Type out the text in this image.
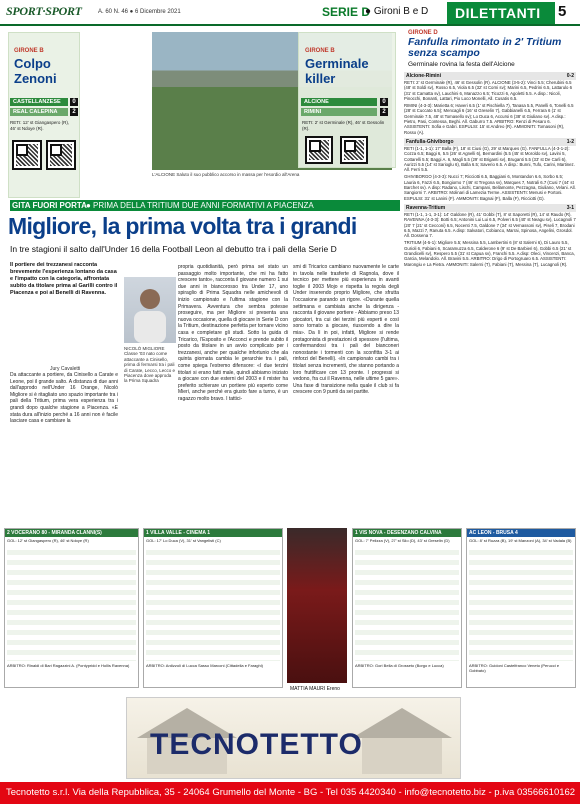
SPORT·SPORT	A. 60 N. 46 ● 6 Dicembre 2021	SERIE D
● Gironi B e D	DILETTANTI	5
GIRONE B
Colpo Zenoni
CASTELLANZESE	0
REAL CALEPINA	2
RETI: 12' st Giangaspero (R), 46' st Ndoye (R).
L'ALCIONE Saluto il suo pubblico accorso in massa per l'esordio all'Arena
GIRONE B
Germinale killer
ALCIONE	0
RIMINI	2
RETI: 2' st Germinale (R), 46' st Gessolin (R).
GIRONE D
Fanfulla rimontato in 2' Tritium senza scampo
Germinale rovina la festa dell'Alcione
Alcione-Rimini	0-2
RETI: 2' st Germinale (R), 46' st Gessolin (R). ALCIONE (3-5-2): Vinci 5.5; Cherubini 6.5 (48' st Soldi sv), Rosso 6.5, Viola 6.5 (32' st Corni sv); Marini 6.5, Pedrini 6.5, Lattarulo 6 (31' st Camatta sv), Lauchini 6, Manazzo 6.5; Ticozzi 6, Agoletti 5.5. A disp.: Nicoli, Pinocchi, Bonanti, Lattari, Pio Loco Monelli, All. Cusatis 6.5.
RIMINI (4-3-3): Marietta 6; Haveri 6.5 (1' st Pischiella 7), Tanasa 5.5, Panelli 6, Tonelli 6.5 (28' st Cuccato 6.5); Mencagli 6 (16' st Greselin 7), Gabbianelli 6.5, Ferrara 6 (1' st Germinale 7.5, 48' st Tomasello sv); Lo Duca 6, Accursi 6 (38' st Giuliano sv). A disp.: Pietro, Pasi, Contessa, Beghi. All. Gaburro 7.5. ARBITRO: Renzi di Pesaro 6. ASSISTENTI: Sofia e Gabri. ESPULSI: 15' st Andreo (R). AMMONITI: Tomasoni (R), Rosso (A).
Fanfulla-Ghiviborgo	1-2
RETI (1-1, 1-1): 17' Balla (F), 18' st Ciusi (G), 29' st Marques (G). FANFULLA (4-3-1-2): Cozza 6.5; Baggi 6, 5.5 (26' st Agnelli 6), Bernardini (5.5 (45' st Moroldo sv), Lavini 5, Cottarelli 5.5; Baggi A. 6, Magli 5.5 (29' st Briganti sv), Bruganti 5.5 (33' st De Carli 6), Aurizzi 5.5 (14' st Sarioglu 6), Balla 6.5; Saverio 6.5. A disp.: Bunni, Tufo, Carini, Martinez. All. Ferri 5.5.
GHIVIBORGO (4-3-3): Nucci 7; Ricciotti 6.5, Baggiani 6, Montandon 6.6, Sorbo 6.5; Lauria 6, Fazzi 6.5, Bongiorno 7 (46' st Tregona sv), Marques 7, Notrali 6.7 (Cusi 7 (44' st Barchet sv). A disp: Radano, Lischi, Campani, Bellamonte, Pezzagna, Giuliano, Velani. All. Sangiorni 7. ARBITRO: Molinari di Lamezia Terme. ASSISTENTI: Menusi e Portoni. ESPULSI: 31' st Lanini (F). AMMONITI: Bagnai (F), Balla (F), Ricciotti (G).
Ravenna-Tritium	3-1
RETI (1-1, 1-1, 3-1): 14' Galdone (R), 41' Gobbi (T), 8' st Saporetti (R), 14' st Raudo (R). RAVENNA (4-3-3): Botti 6.5; Antonini Lui Lui 6.5, Polveri 6.5 (40' st Neagu sv), Lucagnoli 7 (20' 7 (21' st Cecconi) 6.5, Nocenti 7.5, Galdone 7 (34' st Vernassoni sv), Piseli 7, Brodani 6.5, Mazzi 7, Ranuta 6.5. A disp: Salvatori, Cobianco, Marrai, Spinosa, Angelini, Grosdol. All. Dossena 7.
TRITIUM (4-5-1): Migliore 5.5; Messina 5.5, Lambertini 6 (8' st Salerni 6), Di Lauro 5.5, Gurioli 6, Fabiani 6, Scaramuzza 6.5, Calderone 6 (9' st De Barbieri 6), Gobbi 6.5 (21' st Grandicelli sv), Respero 5.5 (31' st Capua sv), Franchi 5.5. A disp: Oleci, Vincenzi, Banca, Garcia, Melandolo. All. Bravini 5.5. ARBITRO: Drigo di Portogruaro 6.5. ASSISTENTI: Marongiu e La Pietra. AMMONITI: Salerni (T), Fabiani (T), Messina (T), Lucagnoli (R).
GITA FUORI PORTA ● PRIMA DELLA TRITIUM DUE ANNI FORMATIVI A PIACENZA
Migliore, la prima volta tra i grandi
In tre stagioni il salto dall'Under 16 della Football Leon al debutto tra i pali della Serie D
Il portiere dei trezzanesi racconta brevemente l'esperienza lontano da casa e l'impatto con la categoria, affrontata subito da titolare prima al Garilli contro il Piacenza e poi al Benelli di Ravenna.
Jury Cavaletti
NICOLÒ MIGLIORE Classe '03 nato come attaccante a Cinisello, prima di fermarsi tra i pali di Carate, Lecco, Lecco e Piacenza dove approda la Prima Squadra
Da attaccante a portiere, da Cinisello a Carate e Leone, poi il grande salto. A distanza di due anni dall'approdo nell'Under 16 Orange, Nicolò Migliore si è ritagliato uno spazio importante tra i pali della Tritium, prima vera esperienza tra i grandi dopo qualche stagione a Piacenza. «E stata dura all'inizio perché a 16 anni non è facile lasciare casa e cambiare la
propria quotidianità, però prima sei stato un passaggio molto importante, che mi ha fatto crescere tanto», racconta il giovane numero 1 sui due anni in biancorosso tra Under 17, uno spiraglio di Prima Squadra nelle amichevoli di inizio campionato e l'ultima stagione con la Primavera. Avventura che sembra potesse proseguire, ma per Migliore si presenta una nuova occasione, quella di giocare in Serie D con la Tritium, destinazione perfetta per tornare vicino casa e completare gli studi. Sotto la guida di Tricarico, l'Esposito e l'Acconci e prende subito il posto da titolare in un avvio complicato per i trezzanesi, anche per qualche infortunio che ala quinta giornata cambia le gerarchie tra i pali, come spiega l'estremo difensore: «I due terzini titolari si erano fatti male, quindi abbiamo iniziato a giocare con due esterni del 2003 e il mister ha preferito schierare un portiere più esperto come Mieri, anche perché era giusto fare a turno, è un ragazzo molto bravo. I tattici-
smi di Tricarico cambiano nuovamente le carte in tavola nelle trasferte di Ragnola, dove il tecnico per mettere più esperienza in avanti toglie il 2003 Mojo e rispetta la regola degli Under inserendo proprio Migliore, che sfrutta l'occasione parando un rigore. «Durante quella settimana e cambiata anche la dirigenza - racconta il giovane portiere - Abbiamo preso 13 giocatori, tra cui dei terzini più esperti e così sono tornato a giocare, riuscendo a dire la mia». Da lì in poi, infatti, Migliore si rende protagonista di prestazioni di spessore (l'ultima, confermandosi tra i pali del bianconeri nonostante i tormenti con la sconfitta 3-1 ai rinforzi del Benelli). «In campionato cambi tra i titolari senza incrementi, che stanno portando a loro fruttificare con 13 pronte. I progressi si vedono, fra cui il Ravenna, nelle ultime 5 gare». Una fase di transizione nella quale il club si fa crescere con 9 punti da sei partite.
2 VOCERANO 80 - MIRANDA CLANNI(S)
GOL: 12' st Giangaspero (R), 46' st Ndoye (R)
ARBITRO: Rinaldi di Bari Ragazzini A. (Pontypridd e Hollis Ravenna)
1 VILLA VALLE - CINEMA 1
GOL: 17' Lo Duca (V), 31' st Vangelisti (C)
ARBITRO: Ardizzoli di Lucca Sasso Marconi (Cittadella e Faraghi)
MATTIA MAURI Ereno
1 VIS NOVA - DESENZANO CALVINA
GOL: 7' Pelizza (V), 27' st Silo (D), 43' st Greselin (D)
ARBITRO: Gori Bella di Grosseto (Borgo e Lucca)
AC LEON - BRUSA 4
GOL: 8' st Ruzza (B), 19' st Manzoni (A), 34' st Vadala (B)
ARBITRO: Guidoni Castelfranco Veneto (Perucci e Gobbato)
TECNOTETTO
Tecnotetto s.r.l. Via della Repubblica, 35 - 24064 Grumello del Monte - BG - Tel 035 4420340 - info@tecnotetto.biz - p.iva 03566610162
